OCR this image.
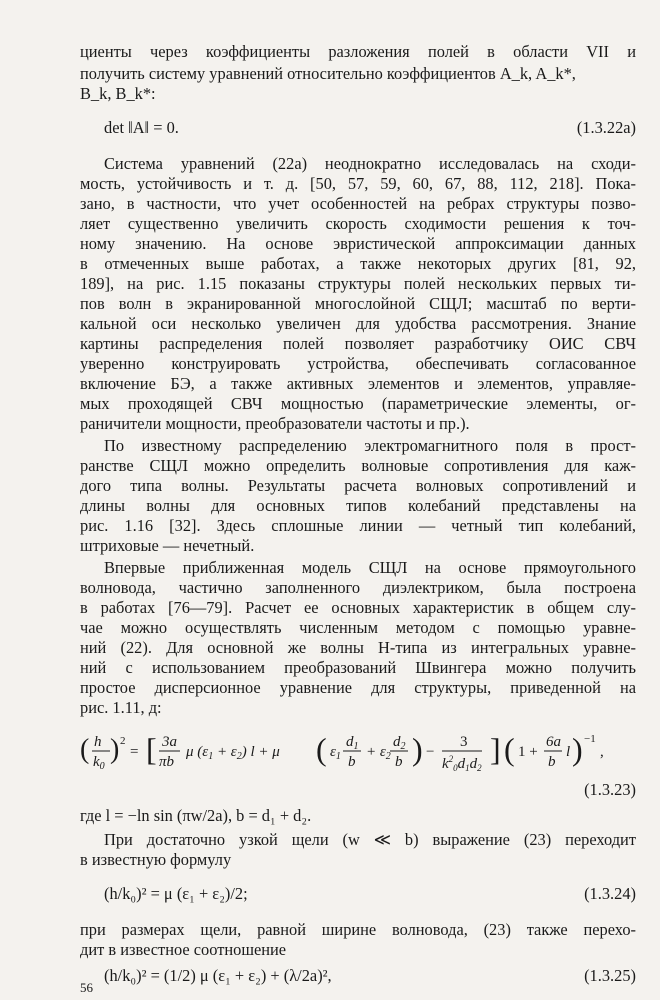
циенты через коэффициенты разложения полей в области VII и
получить систему уравнений относительно коэффициентов A_k, A_k*,
B_k, B_k*:
det ‖A‖ = 0.	(1.3.22а)
Система уравнений (22а) неоднократно исследовалась на сходи-
мость, устойчивость и т. д. [50, 57, 59, 60, 67, 88, 112, 218]. Пока-
зано, в частности, что учет особенностей на ребрах структуры позво-
ляет существенно увеличить скорость сходимости решения к точ-
ному значению. На основе эвристической аппроксимации данных
в отмеченных выше работах, а также некоторых других [81, 92,
189], на рис. 1.15 показаны структуры полей нескольких первых ти-
пов волн в экранированной многослойной СЩЛ; масштаб по верти-
кальной оси несколько увеличен для удобства рассмотрения. Знание
картины распределения полей позволяет разработчику ОИС СВЧ
уверенно конструировать устройства, обеспечивать согласованное
включение БЭ, а также активных элементов и элементов, управляе-
мых проходящей СВЧ мощностью (параметрические элементы, ог-
раничители мощности, преобразователи частоты и пр.).
По известному распределению электромагнитного поля в прост-
ранстве СЩЛ можно определить волновые сопротивления для каж-
дого типа волны. Результаты расчета волновых сопротивлений и
длины волны для основных типов колебаний представлены на
рис. 1.16 [32]. Здесь сплошные линии — четный тип колебаний,
штриховые — нечетный.
Впервые приближенная модель СЩЛ на основе прямоугольного
волновода, частично заполненного диэлектриком, была построена
в работах [76—79]. Расчет ее основных характеристик в общем слу-
чае можно осуществлять численным методом с помощью уравне-
ний (22). Для основной же волны H-типа из интегральных уравне-
ний с использованием преобразований Швингера можно получить
простое дисперсионное уравнение для структуры, приведенной на
рис. 1.11, д:
( h
$k_0$
) 2
= [ 3a
πb
μ $(\varepsilon_1 + \varepsilon_2) l + \mu$ ( $\varepsilon_1$
$d_1$
b
+ $\varepsilon_2$
$d_2$
b ) −
3
$k^2_0d_1d_2$
] ( 1 +
6a
b
l ) −1
,
(1.3.23)
где l = −ln sin (πw/2a), b = d₁ + d₂.
При достаточно узкой щели (w ≪ b) выражение (23) переходит
в известную формулу
(h/k₀)² = μ (ε₁ + ε₂)/2;	(1.3.24)
при размерах щели, равной ширине волновода, (23) также перехо-
дит в известное соотношение
(h/k₀)² = (1/2) μ (ε₁ + ε₂) + (λ/2a)²,	(1.3.25)
56
